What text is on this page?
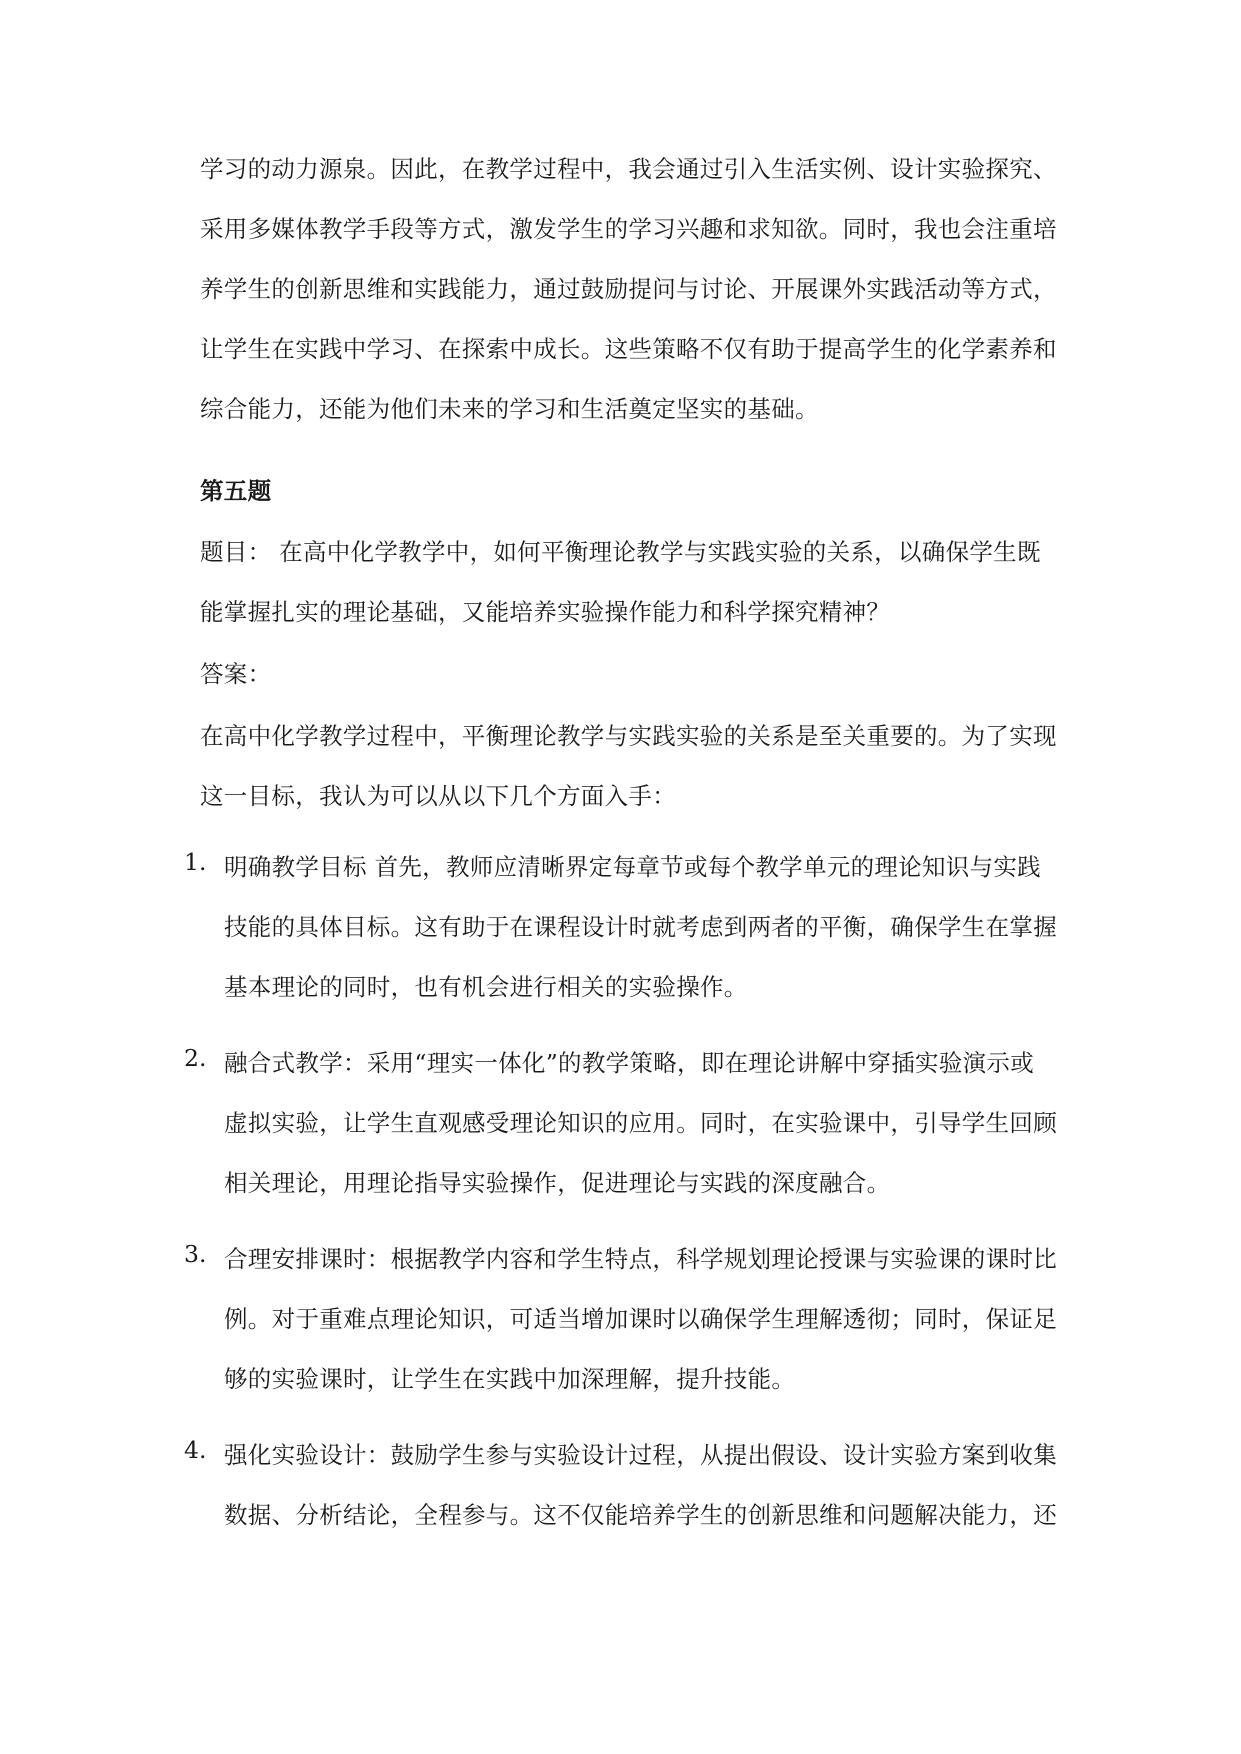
学习的动力源泉。因此，在教学过程中，我会通过引入生活实例、设计实验探究、
采用多媒体教学手段等方式，激发学生的学习兴趣和求知欲。同时，我也会注重培
养学生的创新思维和实践能力，通过鼓励提问与讨论、开展课外实践活动等方式，
让学生在实践中学习、在探索中成长。这些策略不仅有助于提高学生的化学素养和
综合能力，还能为他们未来的学习和生活奠定坚实的基础。
第五题
题目： 在高中化学教学中，如何平衡理论教学与实践实验的关系，以确保学生既
能掌握扎实的理论基础，又能培养实验操作能力和科学探究精神？
答案：
在高中化学教学过程中，平衡理论教学与实践实验的关系是至关重要的。为了实现
这一目标，我认为可以从以下几个方面入手：
1. 明确教学目标 首先，教师应清晰界定每章节或每个教学单元的理论知识与实践
技能的具体目标。这有助于在课程设计时就考虑到两者的平衡，确保学生在掌握
基本理论的同时，也有机会进行相关的实验操作。
2. 融合式教学：采用“理实一体化”的教学策略，即在理论讲解中穿插实验演示或
虚拟实验，让学生直观感受理论知识的应用。同时，在实验课中，引导学生回顾
相关理论，用理论指导实验操作，促进理论与实践的深度融合。
3. 合理安排课时：根据教学内容和学生特点，科学规划理论授课与实验课的课时比
例。对于重难点理论知识，可适当增加课时以确保学生理解透彻；同时，保证足
够的实验课时，让学生在实践中加深理解，提升技能。
4. 强化实验设计：鼓励学生参与实验设计过程，从提出假设、设计实验方案到收集
数据、分析结论，全程参与。这不仅能培养学生的创新思维和问题解决能力，还
